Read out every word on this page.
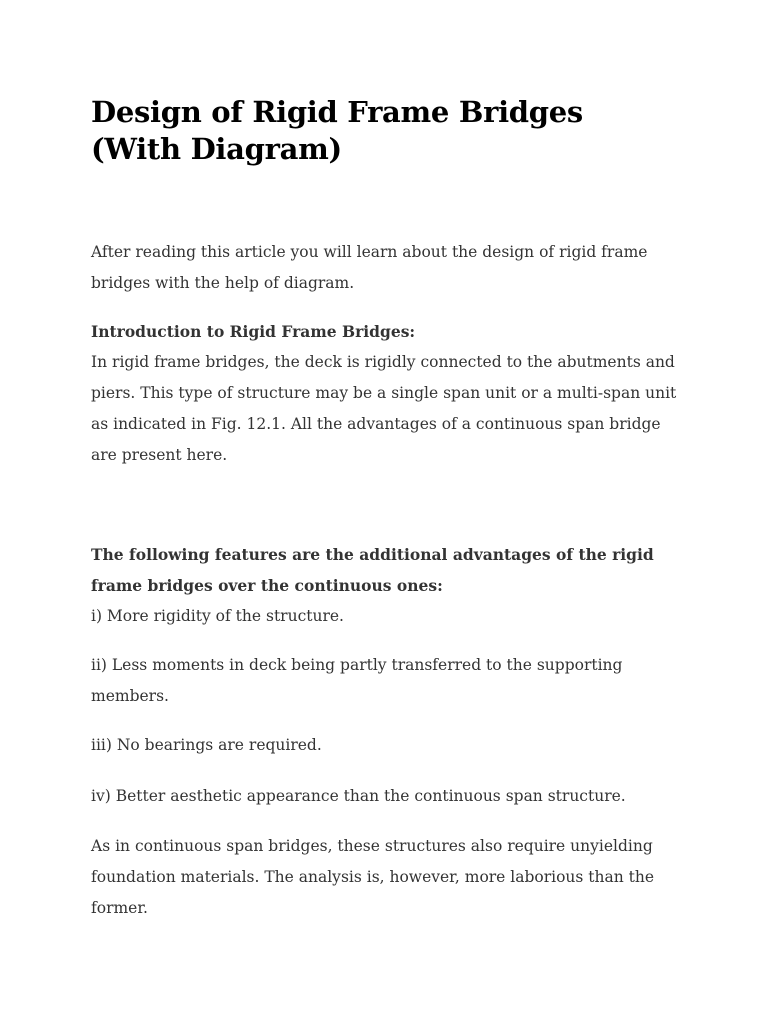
Design of Rigid Frame Bridges (With Diagram)

After reading this article you will learn about the design of rigid frame bridges with the help of diagram.

Introduction to Rigid Frame Bridges:

In rigid frame bridges, the deck is rigidly connected to the abutments and piers. This type of structure may be a single span unit or a multi-span unit as indicated in Fig. 12.1. All the advantages of a continuous span bridge are present here.

The following features are the additional advantages of the rigid frame bridges over the continuous ones:

i) More rigidity of the structure.

ii) Less moments in deck being partly transferred to the supporting members.

iii) No bearings are required.

iv) Better aesthetic appearance than the continuous span structure.

As in continuous span bridges, these structures also require unyielding foundation materials. The analysis is, however, more laborious than the former.
